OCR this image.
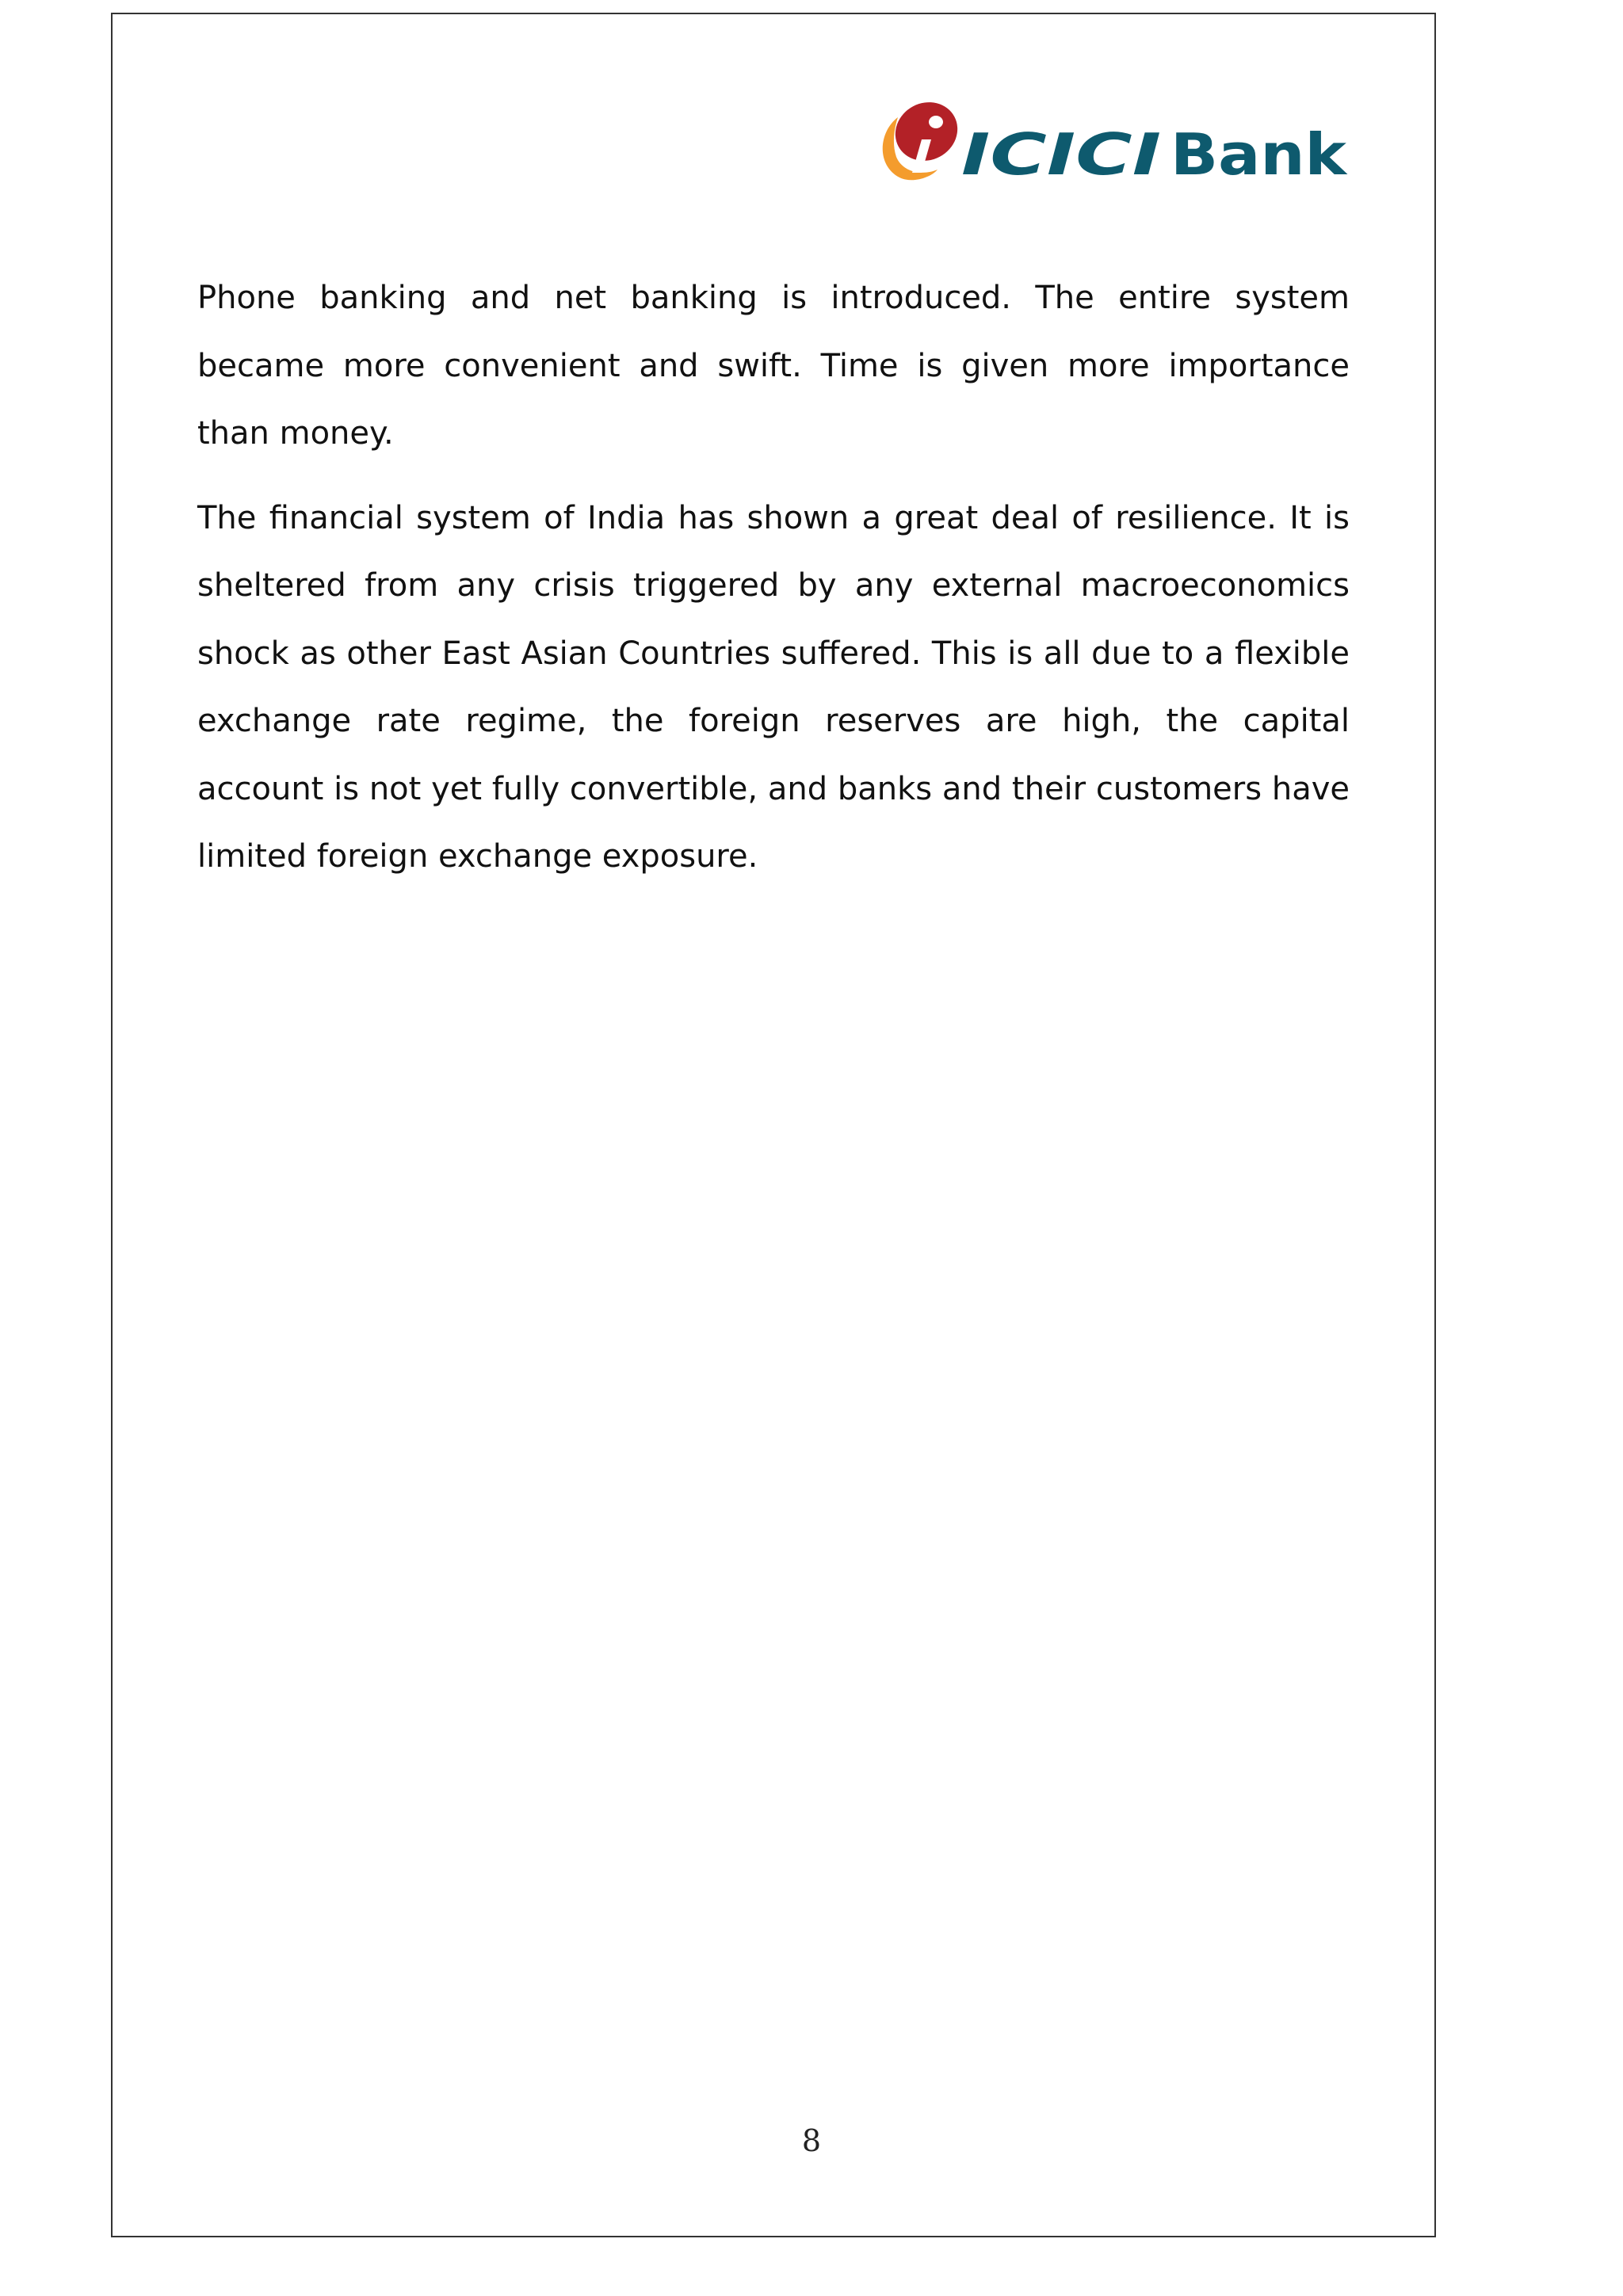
ICICI Bank

Phone banking and net banking is introduced. The entire system became more convenient and swift. Time is given more importance than money.

The financial system of India has shown a great deal of resilience. It is sheltered from any crisis triggered by any external macroeconomics shock as other East Asian Countries suffered. This is all due to a flexible exchange rate regime, the foreign reserves are high, the capital account is not yet fully convertible, and banks and their customers have limited foreign exchange exposure.

8
